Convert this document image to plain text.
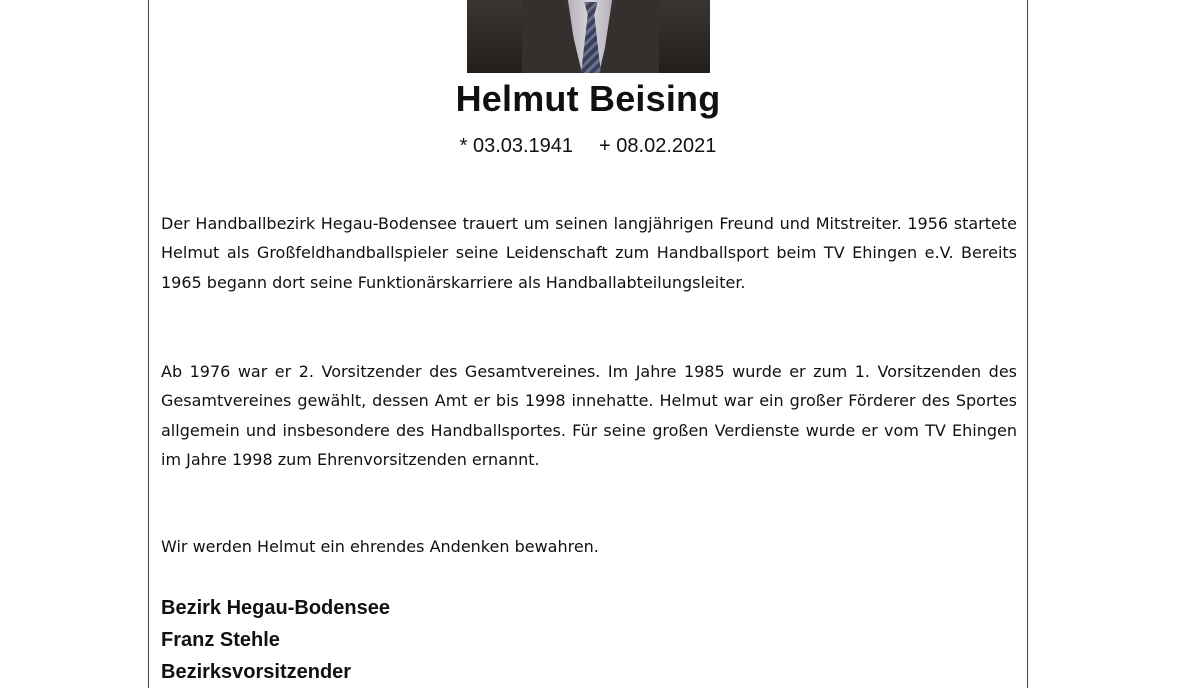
Helmut Beising
* 03.03.1941 + 08.02.2021

Der Handballbezirk Hegau-Bodensee trauert um seinen langjährigen Freund und Mitstreiter. 1956 startete Helmut als Großfeldhandballspieler seine Leidenschaft zum Handballsport beim TV Ehingen e.V. Bereits 1965 begann dort seine Funktionärskarriere als Handballabteilungsleiter.

Ab 1976 war er 2. Vorsitzender des Gesamtvereines. Im Jahre 1985 wurde er zum 1. Vorsitzenden des Gesamtvereines gewählt, dessen Amt er bis 1998 innehatte. Helmut war ein großer Förderer des Sportes allgemein und insbesondere des Handballsportes. Für seine großen Verdienste wurde er vom TV Ehingen im Jahre 1998 zum Ehrenvorsitzenden ernannt.

Wir werden Helmut ein ehrendes Andenken bewahren.

Bezirk Hegau-Bodensee
Franz Stehle
Bezirksvorsitzender
